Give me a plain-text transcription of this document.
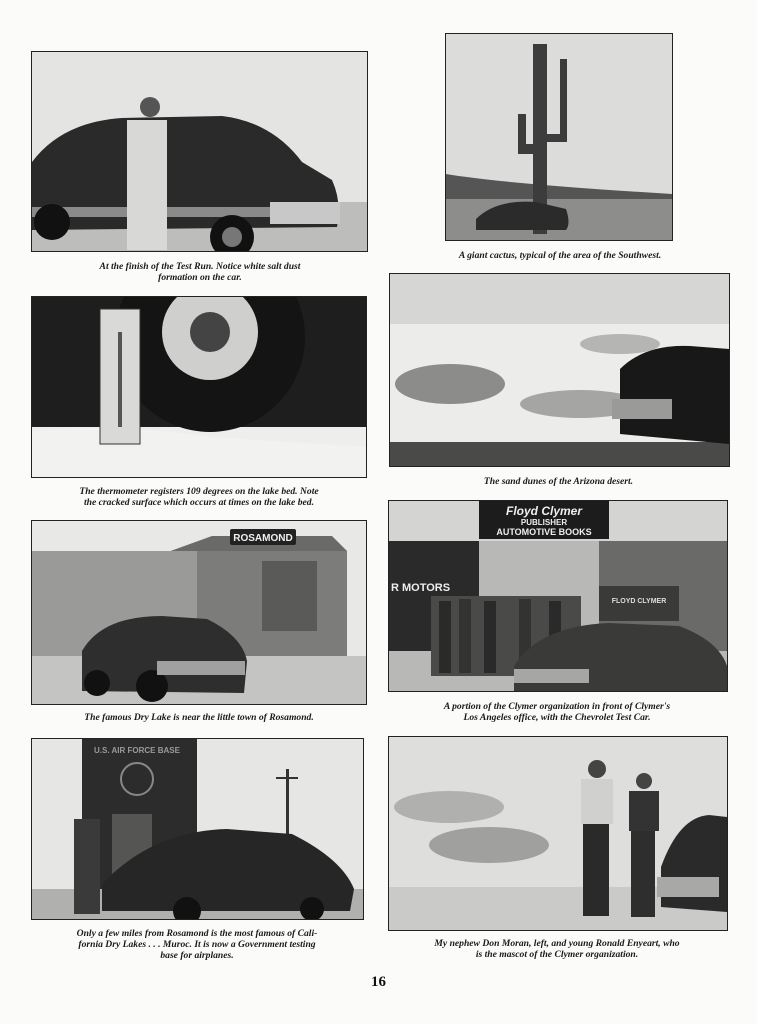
At the finish of the Test Run. Notice white salt dust
formation on the car.
A giant cactus, typical of the area of the Southwest.
The thermometer registers 109 degrees on the lake bed. Note
the cracked surface which occurs at times on the lake bed.
The sand dunes of the Arizona desert.
ROSAMOND
The famous Dry Lake is near the little town of Rosamond.
Floyd Clymer
PUBLISHER
AUTOMOTIVE BOOKS
R MOTORS
FLOYD CLYMER
A portion of the Clymer organization in front of Clymer's
Los Angeles office, with the Chevrolet Test Car.
U.S. AIR FORCE BASE
Only a few miles from Rosamond is the most famous of Cali-
fornia Dry Lakes . . . Muroc. It is now a Government testing
base for airplanes.
My nephew Don Moran, left, and young Ronald Enyeart, who
is the mascot of the Clymer organization.
16
